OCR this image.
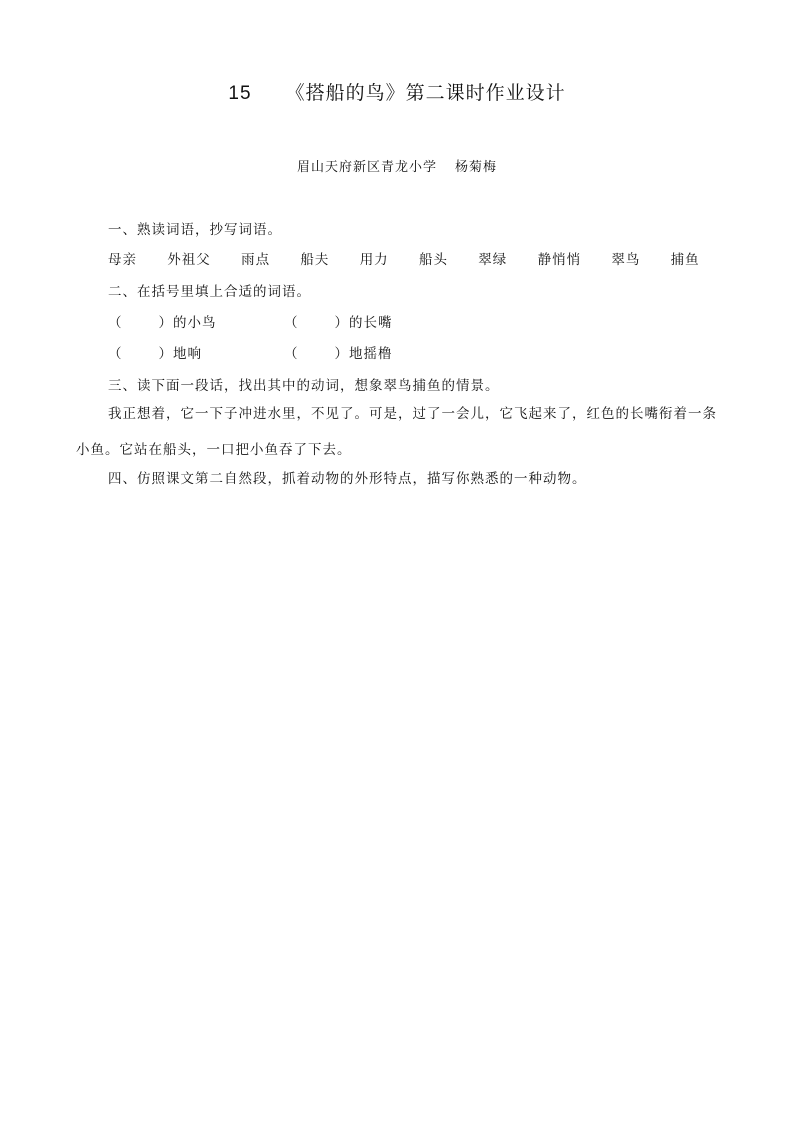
15 《搭船的鸟》第二课时作业设计
眉山天府新区青龙小学 杨菊梅
一、熟读词语，抄写词语。
母亲 外祖父 雨点 船夫 用力 船头 翠绿 静悄悄 翠鸟 捕鱼
二、在括号里填上合适的词语。
（	）的小鸟	（	）的长嘴
（	）地响	（	）地摇橹
三、读下面一段话，找出其中的动词，想象翠鸟捕鱼的情景。
我正想着，它一下子冲进水里，不见了。可是，过了一会儿，它飞起来了，红色的长嘴衔着一条小鱼。它站在船头，一口把小鱼吞了下去。
四、仿照课文第二自然段，抓着动物的外形特点，描写你熟悉的一种动物。
